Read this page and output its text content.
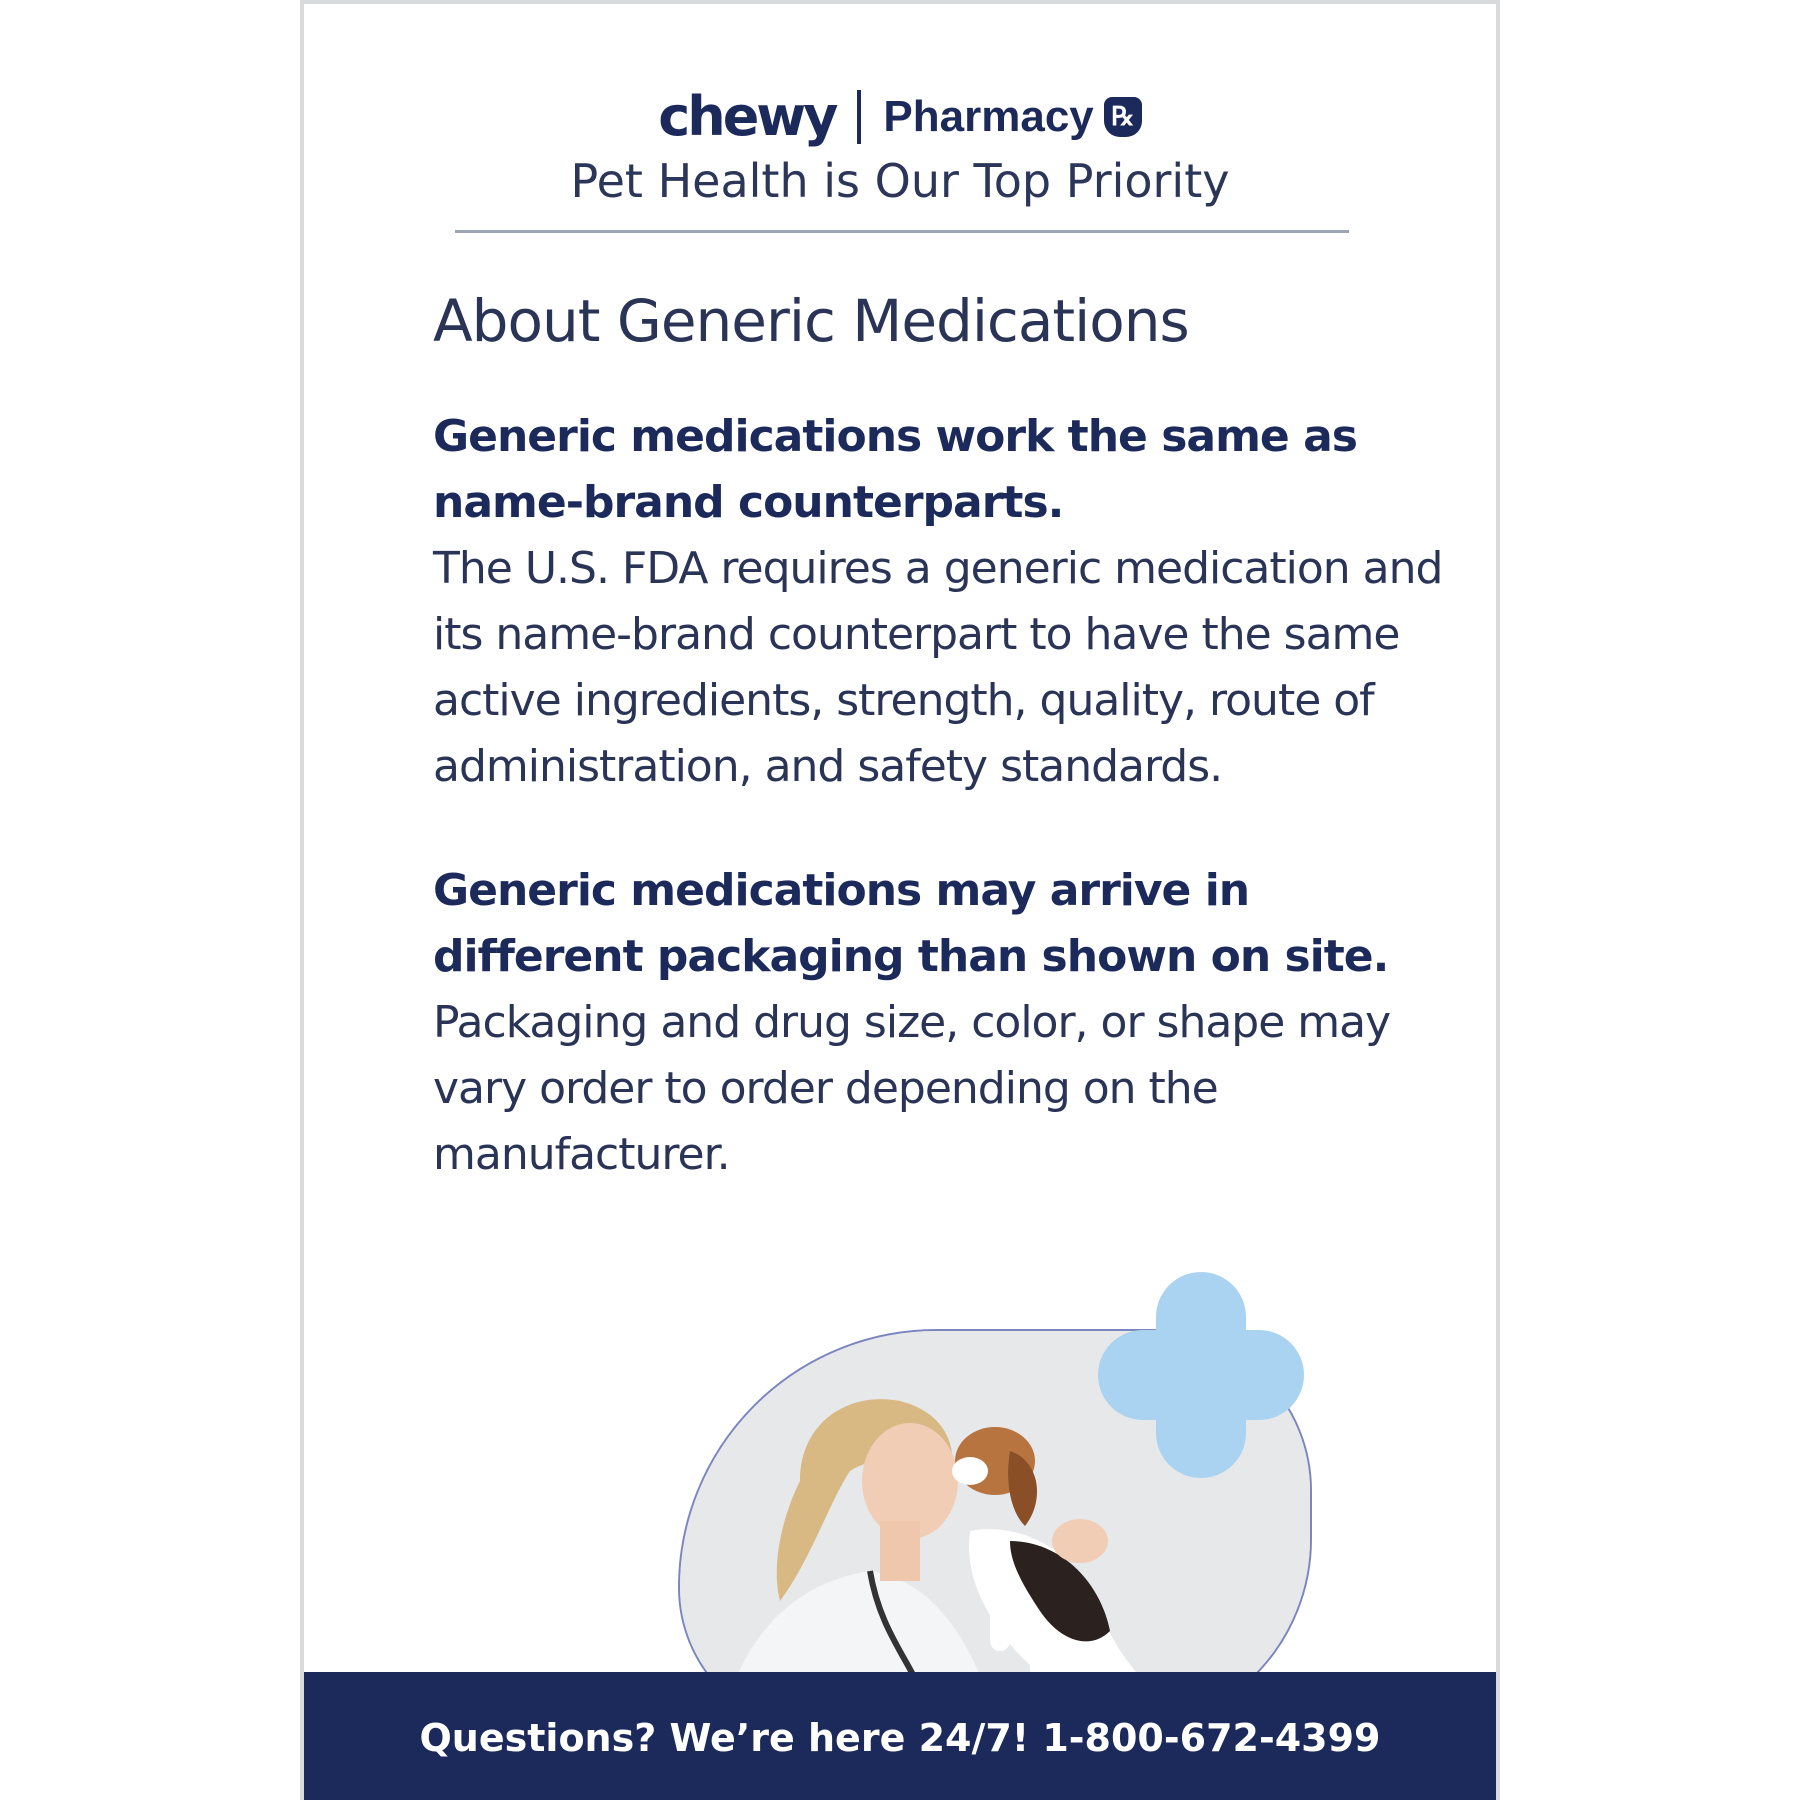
chewy Pharmacy ℞
Pet Health is Our Top Priority
About Generic Medications

Generic medications work the same as name-brand counterparts.

The U.S. FDA requires a generic medication and its name-brand counterpart to have the same active ingredients, strength, quality, route of administration, and safety standards.

Generic medications may arrive in different packaging than shown on site.

Packaging and drug size, color, or shape may vary order to order depending on the manufacturer.

Questions? We’re here 24/7! 1-800-672-4399
